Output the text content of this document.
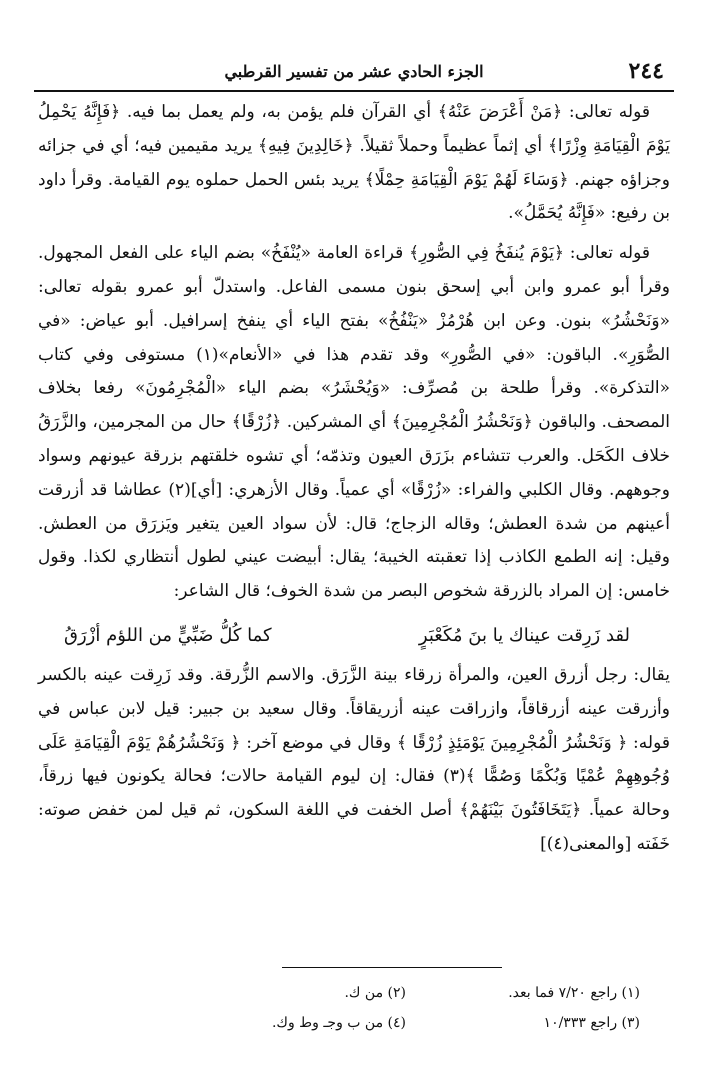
٢٤٤
الجزء الحادي عشر من تفسير القرطبي

قوله تعالى: ﴿مَنْ أَعْرَضَ عَنْهُ﴾ أي القرآن فلم يؤمن به، ولم يعمل بما فيه. ﴿فَإِنَّهُ يَحْمِلُ يَوْمَ الْقِيَامَةِ وِزْرًا﴾ أي إثماً عظيماً وحملاً ثقيلاً. ﴿خَالِدِينَ فِيهِ﴾ يريد مقيمين فيه؛ أي في جزائه وجزاؤه جهنم. ﴿وَسَاءَ لَهُمْ يَوْمَ الْقِيَامَةِ حِمْلًا﴾ يريد بئس الحمل حملوه يوم القيامة. وقرأ داود بن رفيع: «فَإِنَّهُ يُحَمَّلُ».

قوله تعالى: ﴿يَوْمَ يُنفَخُ فِي الصُّورِ﴾ قراءة العامة «يُنْفَخُ» بضم الياء على الفعل المجهول. وقرأ أبو عمرو وابن أبي إسحق بنون مسمى الفاعل. واستدلّ أبو عمرو بقوله تعالى: «وَنَحْشُرُ» بنون. وعن ابن هُرْمُزْ «يَنْفُخُ» بفتح الياء أي ينفخ إسرافيل. أبو عياض: «في الصُّوَرِ». الباقون: «في الصُّورِ» وقد تقدم هذا في «الأنعام»(١) مستوفى وفي كتاب «التذكرة». وقرأ طلحة بن مُصرِّف: «وَيُحْشَرُ» بضم الياء «الْمُجْرِمُونَ» رفعا بخلاف المصحف. والباقون ﴿وَنَحْشُرُ الْمُجْرِمِينَ﴾ أي المشركين. ﴿زُرْقًا﴾ حال من المجرمين، والزَّرَقُ خلاف الكَحَل. والعرب تتشاءم بزَرَق العيون وتذمّه؛ أي تشوه خلقتهم بزرقة عيونهم وسواد وجوههم. وقال الكلبي والفراء: «زُرْقًا» أي عمياً. وقال الأزهري: [أي](٢) عطاشا قد أزرقت أعينهم من شدة العطش؛ وقاله الزجاج؛ قال: لأن سواد العين يتغير ويَزرَق من العطش. وقيل: إنه الطمع الكاذب إذا تعقبته الخيبة؛ يقال: أبيضت عيني لطول أنتظاري لكذا. وقول خامس: إن المراد بالزرقة شخوص البصر من شدة الخوف؛ قال الشاعر:

لقد زَرِقت عيناك يا بنَ مُكَعْبَرٍ
كما كُلُّ ضَبِّيٍّ من اللؤم أزْرَقُ

يقال: رجل أزرق العين، والمرأة زرقاء بينة الزَّرَق. والاسم الزُّرقة. وقد زَرِقت عينه بالكسر وأزرقت عينه أزرقاقاً، وازراقت عينه أزريقاقاً. وقال سعيد بن جبير: قيل لابن عباس في قوله: ﴿ وَنَحْشُرُ الْمُجْرِمِينَ يَوْمَئِذٍ زُرْقًا ﴾ وقال في موضع آخر: ﴿ وَنَحْشُرُهُمْ يَوْمَ الْقِيَامَةِ عَلَى وُجُوهِهِمْ عُمْيًا وَبُكْمًا وَصُمًّا ﴾(٣) فقال: إن ليوم القيامة حالات؛ فحالة يكونون فيها زرقاً، وحالة عمياً. ﴿يَتَخَافَتُونَ بَيْنَهُمْ﴾ أصل الخفت في اللغة السكون، ثم قيل لمن خفض صوته: خَفَته [والمعنى(٤)]

(١) راجع ٧/٢٠ فما بعد.
(٢) من ك.
(٣) راجع ١٠/٣٣٣
(٤) من ب وجـ وط وك.
